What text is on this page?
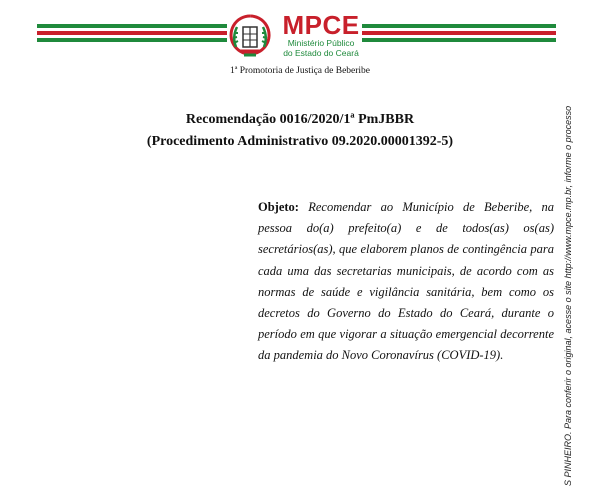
MPCE
Ministério Público
do Estado do Ceará
1ª Promotoria de Justiça de Beberibe
Recomendação 0016/2020/1ª PmJBBR
(Procedimento Administrativo 09.2020.00001392-5)
Objeto: Recomendar ao Município de Beberibe, na pessoa do(a) prefeito(a) e de todos(as) os(as) secretários(as), que elaborem planos de contingência para cada uma das secretarias municipais, de acordo com as normas de saúde e vigilância sanitária, bem como os decretos do Governo do Estado do Ceará, durante o período em que vigorar a situação emergencial decorrente da pandemia do Novo Coronavírus (COVID-19).	S PINHEIRO. Para conferir o original, acesse o site http://www.mpce.mp.br, informe o processo
